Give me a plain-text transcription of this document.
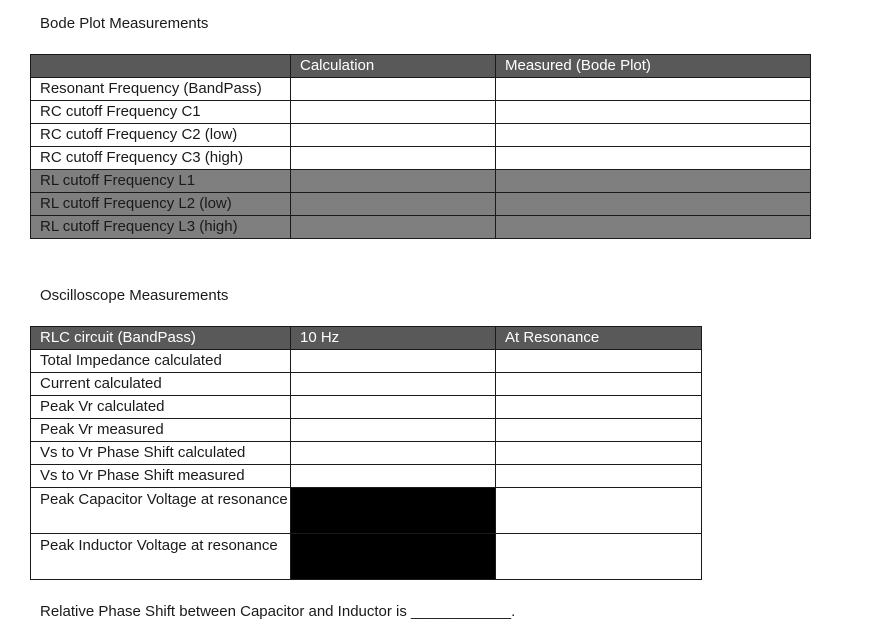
Bode Plot Measurements
	Calculation	Measured (Bode Plot)
Resonant Frequency (BandPass)		
RC cutoff Frequency C1		
RC cutoff Frequency C2 (low)		
RC cutoff Frequency C3 (high)		
RL cutoff Frequency L1		
RL cutoff Frequency L2 (low)		
RL cutoff Frequency L3 (high)		
Oscilloscope Measurements
RLC circuit (BandPass)	10 Hz	At Resonance
Total Impedance calculated		
Current calculated		
Peak Vr calculated		
Peak Vr measured		
Vs to Vr Phase Shift calculated		
Vs to Vr Phase Shift measured		
Peak Capacitor Voltage at resonance		
Peak Inductor Voltage at resonance		
Relative Phase Shift between Capacitor and Inductor is ____________.
